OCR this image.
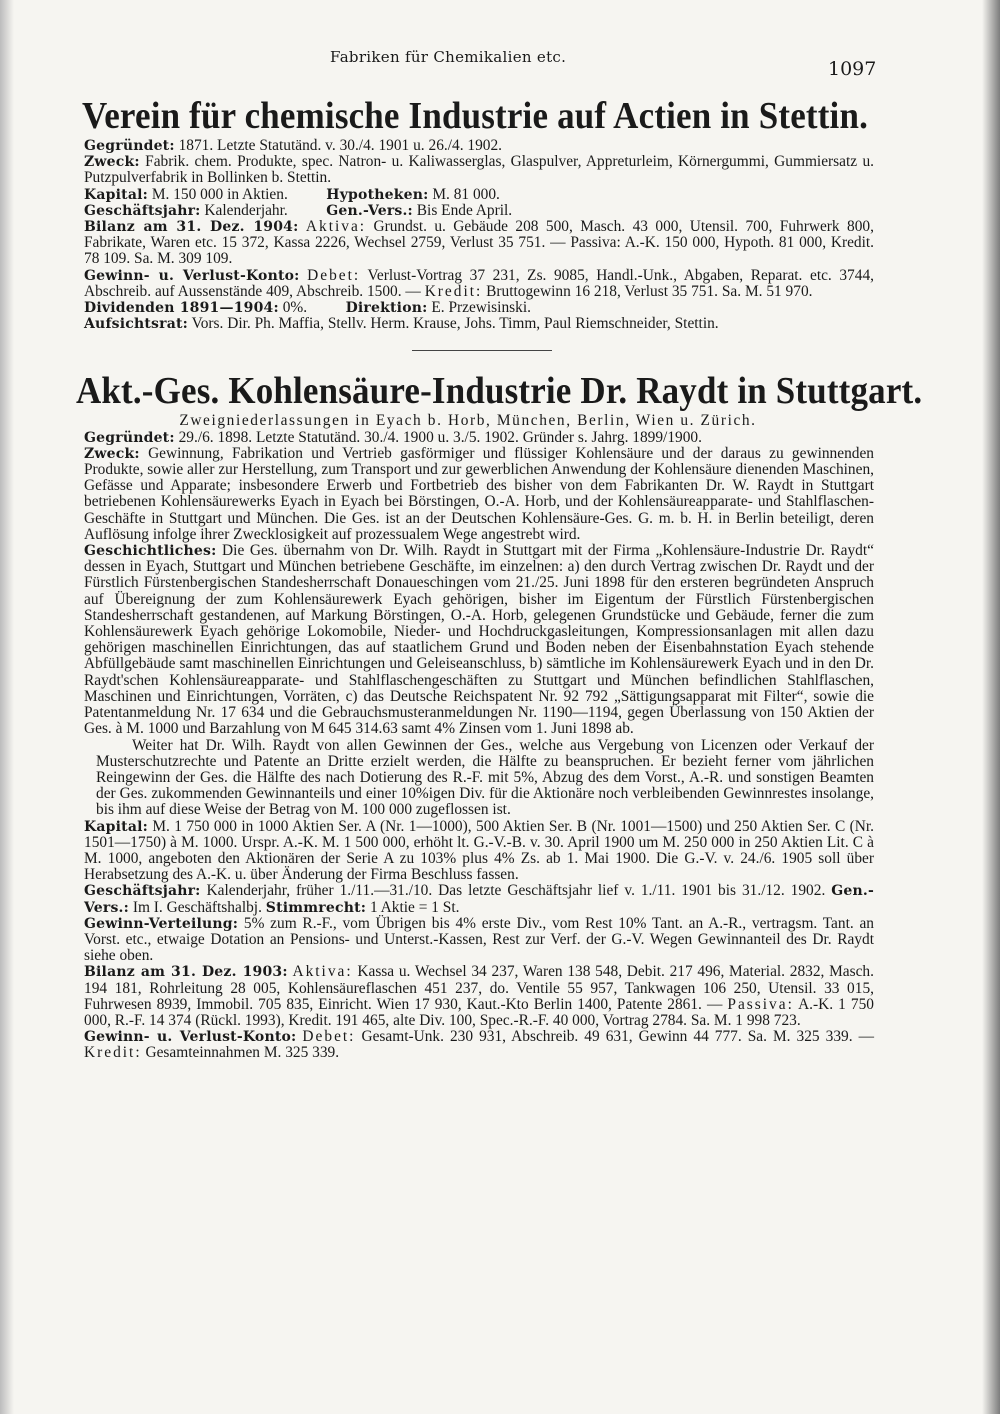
Fabriken für Chemikalien etc.
1097
Verein für chemische Industrie auf Actien in Stettin.

Gegründet: 1871. Letzte Statutänd. v. 30./4. 1901 u. 26./4. 1902.

Zweck: Fabrik. chem. Produkte, spec. Natron- u. Kaliwasserglas, Glaspulver, Appreturleim, Körnergummi, Gummiersatz u. Putzpulverfabrik in Bollinken b. Stettin.

Kapital: M. 150 000 in Aktien.	Hypotheken: M. 81 000.

Geschäftsjahr: Kalenderjahr.	Gen.-Vers.: Bis Ende April.

Bilanz am 31. Dez. 1904: Aktiva: Grundst. u. Gebäude 208 500, Masch. 43 000, Utensil. 700, Fuhrwerk 800, Fabrikate, Waren etc. 15 372, Kassa 2226, Wechsel 2759, Verlust 35 751. — Passiva: A.-K. 150 000, Hypoth. 81 000, Kredit. 78 109. Sa. M. 309 109.

Gewinn- u. Verlust-Konto: Debet: Verlust-Vortrag 37 231, Zs. 9085, Handl.-Unk., Abgaben, Reparat. etc. 3744, Abschreib. auf Aussenstände 409, Abschreib. 1500. — Kredit: Bruttogewinn 16 218, Verlust 35 751. Sa. M. 51 970.

Dividenden 1891—1904: 0%.	Direktion: E. Przewisinski.

Aufsichtsrat: Vors. Dir. Ph. Maffia, Stellv. Herm. Krause, Johs. Timm, Paul Riemschneider, Stettin.

Akt.-Ges. Kohlensäure-Industrie Dr. Raydt in Stuttgart.

Zweigniederlassungen in Eyach b. Horb, München, Berlin, Wien u. Zürich.

Gegründet: 29./6. 1898. Letzte Statutänd. 30./4. 1900 u. 3./5. 1902. Gründer s. Jahrg. 1899/1900.

Zweck: Gewinnung, Fabrikation und Vertrieb gasförmiger und flüssiger Kohlensäure und der daraus zu gewinnenden Produkte, sowie aller zur Herstellung, zum Transport und zur gewerblichen Anwendung der Kohlensäure dienenden Maschinen, Gefässe und Apparate; insbesondere Erwerb und Fortbetrieb des bisher von dem Fabrikanten Dr. W. Raydt in Stuttgart betriebenen Kohlensäurewerks Eyach in Eyach bei Börstingen, O.-A. Horb, und der Kohlensäureapparate- und Stahlflaschen-Geschäfte in Stuttgart und München. Die Ges. ist an der Deutschen Kohlensäure-Ges. G. m. b. H. in Berlin beteiligt, deren Auflösung infolge ihrer Zwecklosigkeit auf prozessualem Wege angestrebt wird.

Geschichtliches: Die Ges. übernahm von Dr. Wilh. Raydt in Stuttgart mit der Firma „Kohlensäure-Industrie Dr. Raydt“ dessen in Eyach, Stuttgart und München betriebene Geschäfte, im einzelnen: a) den durch Vertrag zwischen Dr. Raydt und der Fürstlich Fürstenbergischen Standesherrschaft Donaueschingen vom 21./25. Juni 1898 für den ersteren begründeten Anspruch auf Übereignung der zum Kohlensäurewerk Eyach gehörigen, bisher im Eigentum der Fürstlich Fürstenbergischen Standesherrschaft gestandenen, auf Markung Börstingen, O.-A. Horb, gelegenen Grundstücke und Gebäude, ferner die zum Kohlensäurewerk Eyach gehörige Lokomobile, Nieder- und Hochdruckgasleitungen, Kompressionsanlagen mit allen dazu gehörigen maschinellen Einrichtungen, das auf staatlichem Grund und Boden neben der Eisenbahnstation Eyach stehende Abfüllgebäude samt maschinellen Einrichtungen und Geleiseanschluss, b) sämtliche im Kohlensäurewerk Eyach und in den Dr. Raydt'schen Kohlensäureapparate- und Stahlflaschengeschäften zu Stuttgart und München befindlichen Stahlflaschen, Maschinen und Einrichtungen, Vorräten, c) das Deutsche Reichspatent Nr. 92 792 „Sättigungsapparat mit Filter“, sowie die Patentanmeldung Nr. 17 634 und die Gebrauchsmusteranmeldungen Nr. 1190—1194, gegen Überlassung von 150 Aktien der Ges. à M. 1000 und Barzahlung von M 645 314.63 samt 4% Zinsen vom 1. Juni 1898 ab.

Weiter hat Dr. Wilh. Raydt von allen Gewinnen der Ges., welche aus Vergebung von Licenzen oder Verkauf der Musterschutzrechte und Patente an Dritte erzielt werden, die Hälfte zu beanspruchen. Er bezieht ferner vom jährlichen Reingewinn der Ges. die Hälfte des nach Dotierung des R.-F. mit 5%, Abzug des dem Vorst., A.-R. und sonstigen Beamten der Ges. zukommenden Gewinnanteils und einer 10%igen Div. für die Aktionäre noch verbleibenden Gewinnrestes insolange, bis ihm auf diese Weise der Betrag von M. 100 000 zugeflossen ist.

Kapital: M. 1 750 000 in 1000 Aktien Ser. A (Nr. 1—1000), 500 Aktien Ser. B (Nr. 1001—1500) und 250 Aktien Ser. C (Nr. 1501—1750) à M. 1000. Urspr. A.-K. M. 1 500 000, erhöht lt. G.-V.-B. v. 30. April 1900 um M. 250 000 in 250 Aktien Lit. C à M. 1000, angeboten den Aktionären der Serie A zu 103% plus 4% Zs. ab 1. Mai 1900. Die G.-V. v. 24./6. 1905 soll über Herabsetzung des A.-K. u. über Änderung der Firma Beschluss fassen.

Geschäftsjahr: Kalenderjahr, früher 1./11.—31./10. Das letzte Geschäftsjahr lief v. 1./11. 1901 bis 31./12. 1902. Gen.-Vers.: Im I. Geschäftshalbj. Stimmrecht: 1 Aktie = 1 St.

Gewinn-Verteilung: 5% zum R.-F., vom Übrigen bis 4% erste Div., vom Rest 10% Tant. an A.-R., vertragsm. Tant. an Vorst. etc., etwaige Dotation an Pensions- und Unterst.-Kassen, Rest zur Verf. der G.-V. Wegen Gewinnanteil des Dr. Raydt siehe oben.

Bilanz am 31. Dez. 1903: Aktiva: Kassa u. Wechsel 34 237, Waren 138 548, Debit. 217 496, Material. 2832, Masch. 194 181, Rohrleitung 28 005, Kohlensäureflaschen 451 237, do. Ventile 55 957, Tankwagen 106 250, Utensil. 33 015, Fuhrwesen 8939, Immobil. 705 835, Einricht. Wien 17 930, Kaut.-Kto Berlin 1400, Patente 2861. — Passiva: A.-K. 1 750 000, R.-F. 14 374 (Rückl. 1993), Kredit. 191 465, alte Div. 100, Spec.-R.-F. 40 000, Vortrag 2784. Sa. M. 1 998 723.

Gewinn- u. Verlust-Konto: Debet: Gesamt-Unk. 230 931, Abschreib. 49 631, Gewinn 44 777. Sa. M. 325 339. — Kredit: Gesamteinnahmen M. 325 339.
